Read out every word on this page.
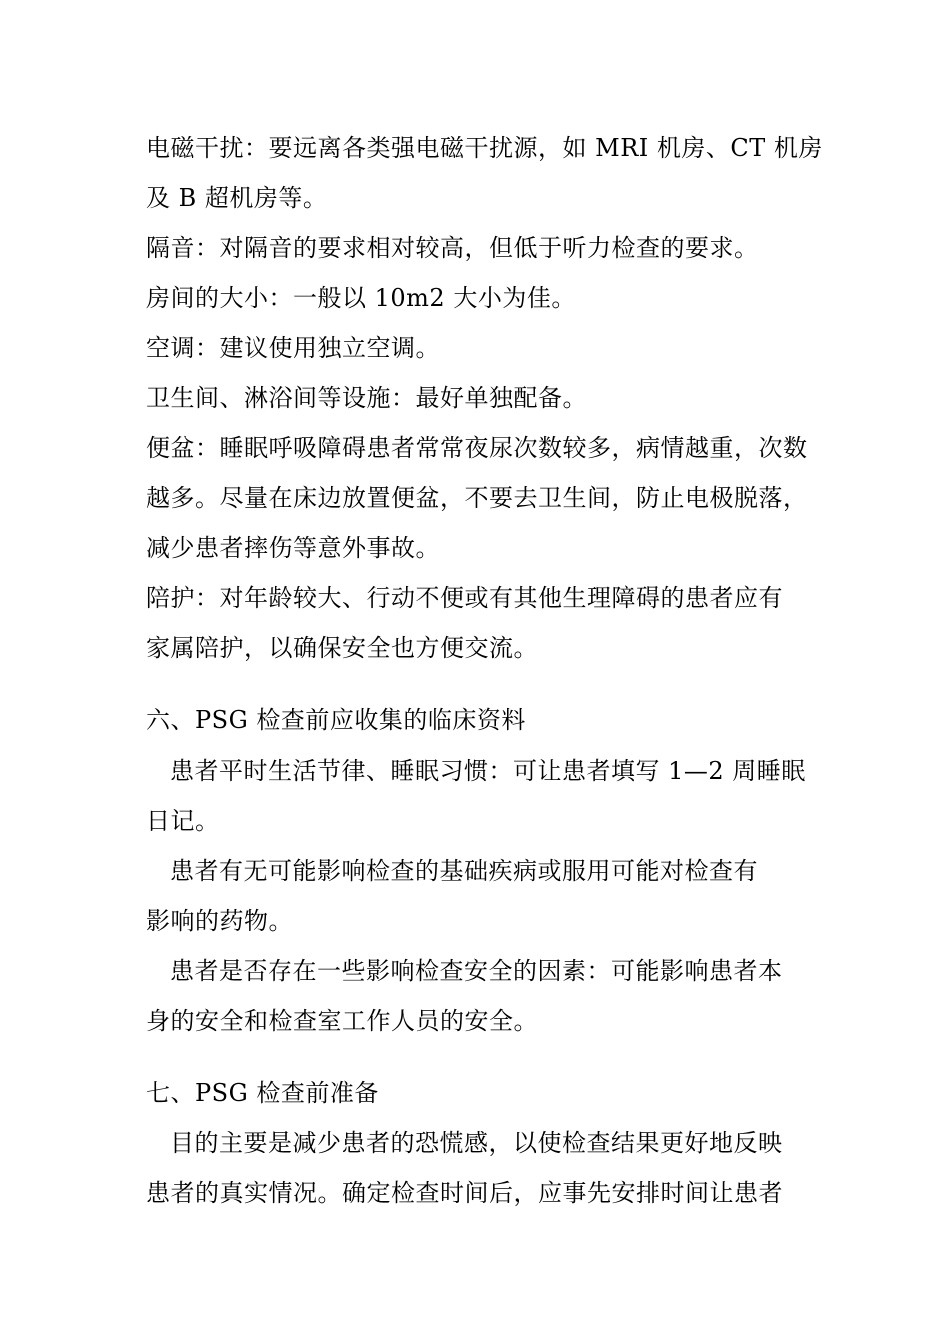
电磁干扰：要远离各类强电磁干扰源，如 MRI 机房、CT 机房
及 B 超机房等。
隔音：对隔音的要求相对较高，但低于听力检查的要求。
房间的大小：一般以 10m2 大小为佳。
空调：建议使用独立空调。
卫生间、淋浴间等设施：最好单独配备。
便盆：睡眠呼吸障碍患者常常夜尿次数较多，病情越重，次数
越多。尽量在床边放置便盆，不要去卫生间，防止电极脱落，
减少患者摔伤等意外事故。
陪护：对年龄较大、行动不便或有其他生理障碍的患者应有
家属陪护，以确保安全也方便交流。
六、PSG 检查前应收集的临床资料
患者平时生活节律、睡眠习惯：可让患者填写 1—2 周睡眠
日记。
患者有无可能影响检查的基础疾病或服用可能对检查有
影响的药物。
患者是否存在一些影响检查安全的因素：可能影响患者本
身的安全和检查室工作人员的安全。
七、PSG 检查前准备
目的主要是减少患者的恐慌感，以使检查结果更好地反映
患者的真实情况。确定检查时间后，应事先安排时间让患者
